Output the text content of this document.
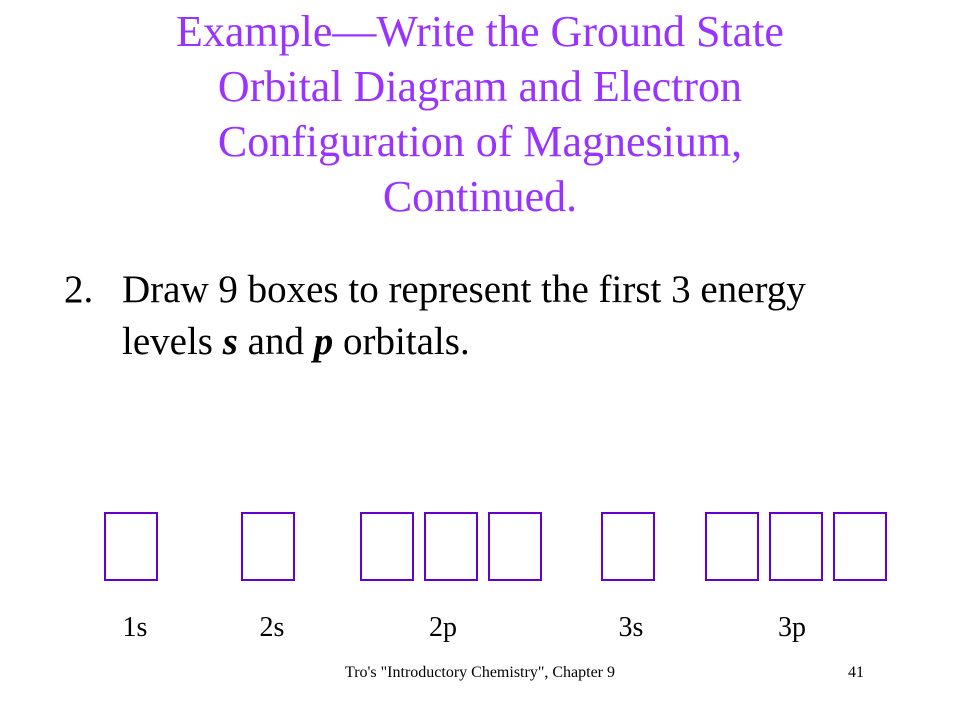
Example—Write the Ground State
Orbital Diagram and Electron
Configuration of Magnesium,
Continued.
2. Draw 9 boxes to represent the first 3 energy levels s and p orbitals.
1s	2s	2p	3s	3p
Tro's "Introductory Chemistry", Chapter 9	41
